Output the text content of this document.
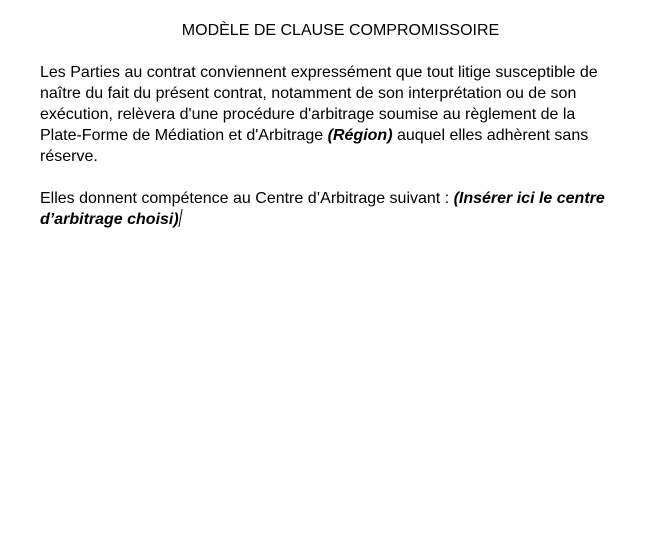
MODÈLE DE CLAUSE COMPROMISSOIRE
Les Parties au contrat conviennent expressément que tout litige susceptible de naître du fait du présent contrat, notamment de son interprétation ou de son exécution, relèvera d'une procédure d'arbitrage soumise au règlement de la Plate-Forme de Médiation et d'Arbitrage (Région) auquel elles adhèrent sans réserve.
Elles donnent compétence au Centre d’Arbitrage suivant : (Insérer ici le centre d’arbitrage choisi)
